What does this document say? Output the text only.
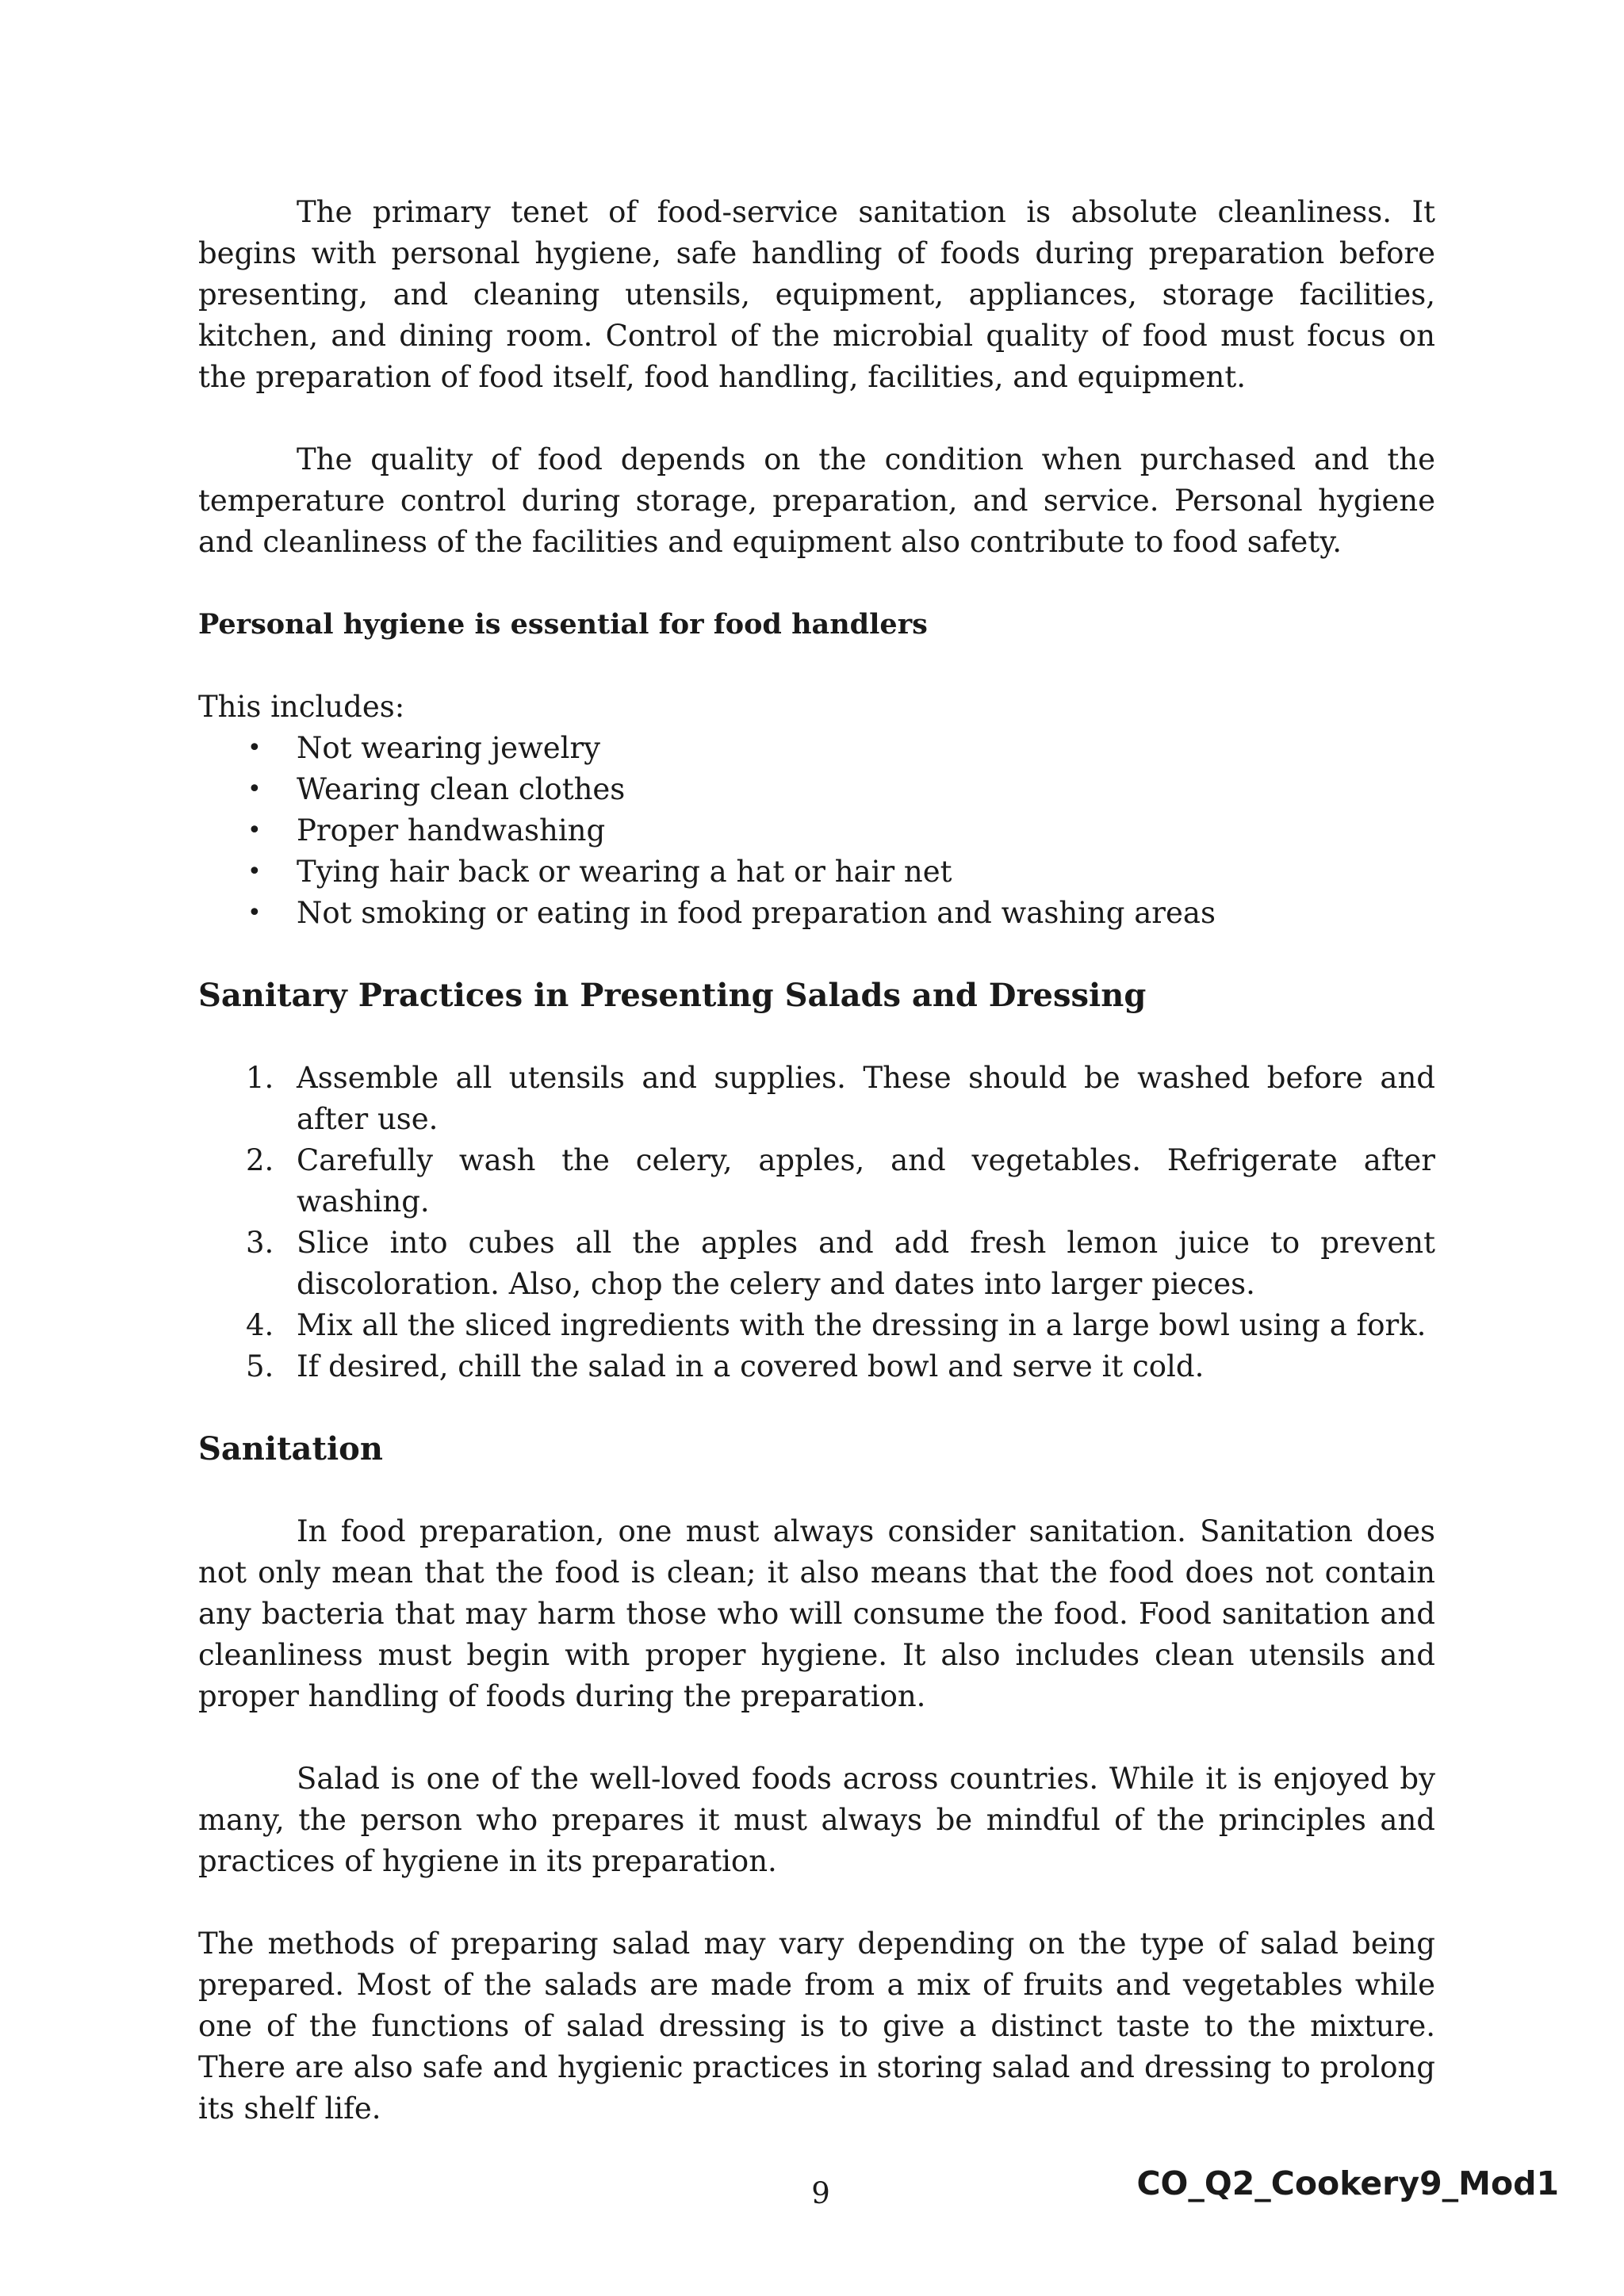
The primary tenet of food-service sanitation is absolute cleanliness. It begins with personal hygiene, safe handling of foods during preparation before presenting, and cleaning utensils, equipment, appliances, storage facilities, kitchen, and dining room. Control of the microbial quality of food must focus on the preparation of food itself, food handling, facilities, and equipment.

The quality of food depends on the condition when purchased and the temperature control during storage, preparation, and service. Personal hygiene and cleanliness of the facilities and equipment also contribute to food safety.

Personal hygiene is essential for food handlers

This includes:

• Not wearing jewelry
• Wearing clean clothes
• Proper handwashing
• Tying hair back or wearing a hat or hair net
• Not smoking or eating in food preparation and washing areas

Sanitary Practices in Presenting Salads and Dressing

1. Assemble all utensils and supplies. These should be washed before and after use.
2. Carefully wash the celery, apples, and vegetables. Refrigerate after washing.
3. Slice into cubes all the apples and add fresh lemon juice to prevent discoloration. Also, chop the celery and dates into larger pieces.
4. Mix all the sliced ingredients with the dressing in a large bowl using a fork.
5. If desired, chill the salad in a covered bowl and serve it cold.

Sanitation

In food preparation, one must always consider sanitation. Sanitation does not only mean that the food is clean; it also means that the food does not contain any bacteria that may harm those who will consume the food. Food sanitation and cleanliness must begin with proper hygiene. It also includes clean utensils and proper handling of foods during the preparation.

Salad is one of the well-loved foods across countries. While it is enjoyed by many, the person who prepares it must always be mindful of the principles and practices of hygiene in its preparation.

The methods of preparing salad may vary depending on the type of salad being prepared. Most of the salads are made from a mix of fruits and vegetables while one of the functions of salad dressing is to give a distinct taste to the mixture. There are also safe and hygienic practices in storing salad and dressing to prolong its shelf life.

9	CO_Q2_Cookery9_Mod1
